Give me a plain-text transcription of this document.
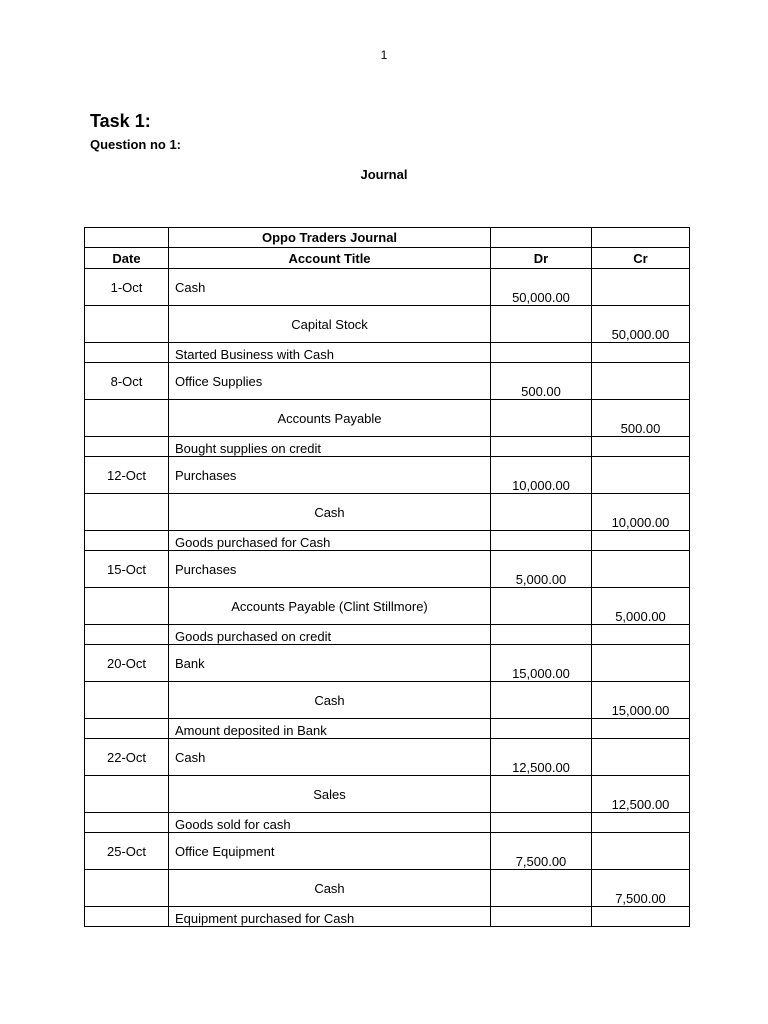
1
Task 1:
Question no 1:
Journal
	Oppo Traders Journal		
Date	Account Title	Dr	Cr
1-Oct	Cash	50,000.00	
	Capital Stock		50,000.00
	Started Business with Cash		
8-Oct	Office Supplies	500.00	
	Accounts Payable		500.00
	Bought supplies on credit		
12-Oct	Purchases	10,000.00	
	Cash		10,000.00
	Goods purchased for Cash		
15-Oct	Purchases	5,000.00	
	Accounts Payable (Clint Stillmore)		5,000.00
	Goods purchased on credit		
20-Oct	Bank	15,000.00	
	Cash		15,000.00
	Amount deposited in Bank		
22-Oct	Cash	12,500.00	
	Sales		12,500.00
	Goods sold for cash		
25-Oct	Office Equipment	7,500.00	
	Cash		7,500.00
	Equipment purchased for Cash		
